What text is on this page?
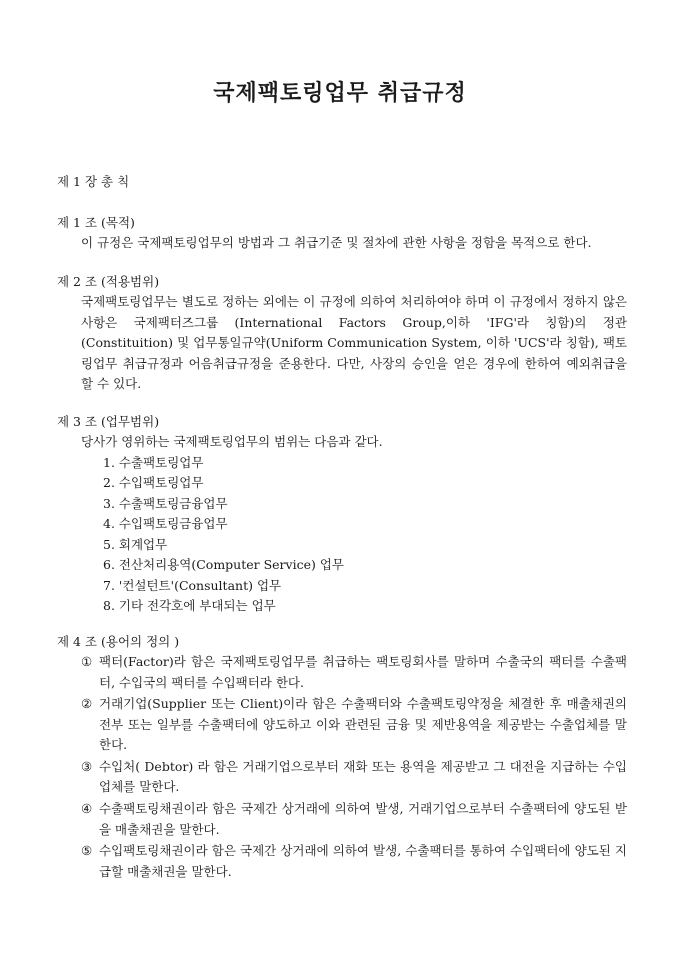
국제팩토링업무 취급규정
제 1 장 총 칙
제 1 조 (목적)

이 규정은 국제팩토링업무의 방법과 그 취급기준 및 절차에 관한 사항을 정함을 목적으로 한다.

제 2 조 (적용범위)

국제팩토링업무는 별도로 정하는 외에는 이 규정에 의하여 처리하여야 하며 이 규정에서 정하지 않은 사항은 국제팩터즈그룹 (International Factors Group,이하 'IFG'라 칭함)의 정관(Constituition) 및 업무통일규약(Uniform Communication System, 이하 'UCS'라 칭함), 팩토링업무 취급규정과 어음취급규정을 준용한다. 다만, 사장의 승인을 얻은 경우에 한하여 예외취급을 할 수 있다.

제 3 조 (업무범위)

당사가 영위하는 국제팩토링업무의 범위는 다음과 같다.

1. 수출팩토링업무
2. 수입팩토링업무
3. 수출팩토링금융업무
4. 수입팩토링금융업무
5. 회계업무
6. 전산처리용역(Computer Service) 업무
7. '컨설턴트'(Consultant) 업무
8. 기타 전각호에 부대되는 업무
제 4 조 (용어의 정의 )
① 팩터(Factor)라 함은 국제팩토링업무를 취급하는 팩토링회사를 말하며 수출국의 팩터를 수출팩터, 수입국의 팩터를 수입팩터라 한다.
② 거래기업(Supplier 또는 Client)이라 함은 수출팩터와 수출팩토링약정을 체결한 후 매출채권의 전부 또는 일부를 수출팩터에 양도하고 이와 관련된 금융 및 제반용역을 제공받는 수출업체를 말한다.
③ 수입처( Debtor) 라 함은 거래기업으로부터 재화 또는 용역을 제공받고 그 대전을 지급하는 수입업체를 말한다.
④ 수출팩토링채권이라 함은 국제간 상거래에 의하여 발생, 거래기업으로부터 수출팩터에 양도된 받을 매출채권을 말한다.
⑤ 수입팩토링채권이라 함은 국제간 상거래에 의하여 발생, 수출팩터를 통하여 수입팩터에 양도된 지급할 매출채권을 말한다.
